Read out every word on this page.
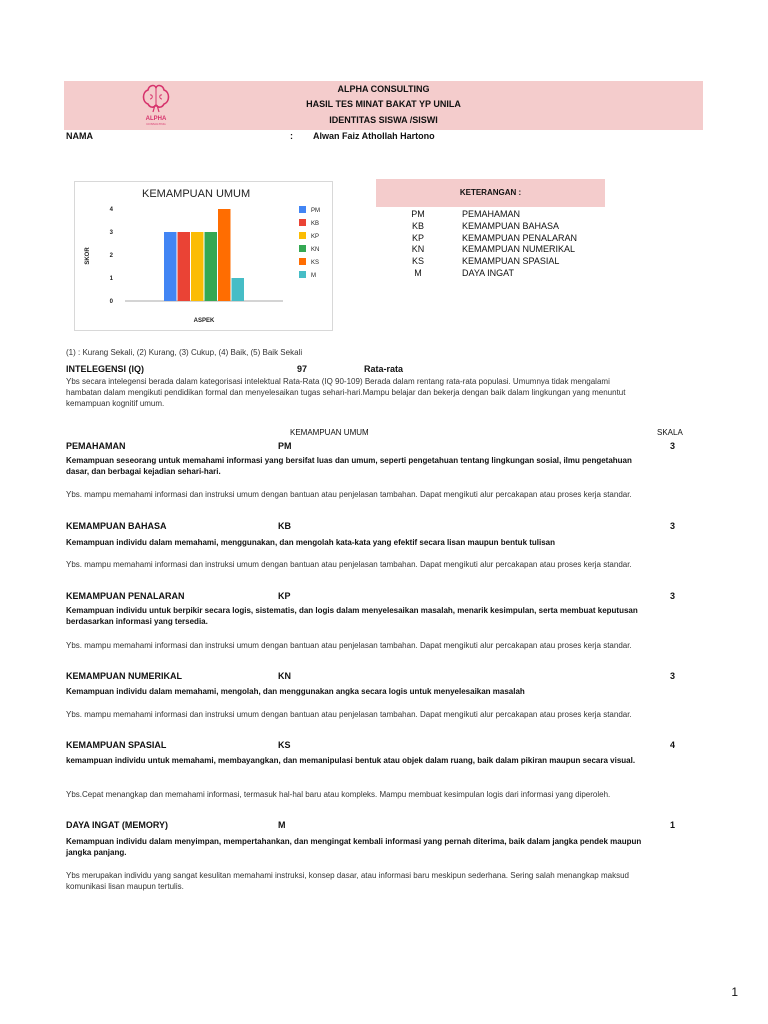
ALPHA CONSULTING
HASIL TES MINAT BAKAT YP UNILA
IDENTITAS SISWA /SISWI
ALPHA
CONSULTING
NAMA	: Alwan Faiz Athollah Hartono
KEMAMPUAN UMUM
0
1
2
3
4
SKOR
ASPEK
PM
KB
KP
KN
KS
M
KETERANGAN :
PM	PEMAHAMAN
KB	KEMAMPUAN BAHASA
KP	KEMAMPUAN PENALARAN
KN	KEMAMPUAN NUMERIKAL
KS	KEMAMPUAN SPASIAL
M	DAYA INGAT
(1) : Kurang Sekali, (2) Kurang, (3) Cukup, (4) Baik, (5) Baik Sekali
INTELEGENSI (IQ)	97	Rata-rata
Ybs secara intelegensi berada dalam kategorisasi intelektual Rata-Rata (IQ 90-109) Berada dalam rentang rata-rata populasi. Umumnya tidak mengalami hambatan dalam mengikuti pendidikan formal dan menyelesaikan tugas sehari-hari.Mampu belajar dan bekerja dengan baik dalam lingkungan yang menuntut kemampuan kognitif umum.
KEMAMPUAN UMUM	SKALA
PEMAHAMAN	PM	3
Kemampuan seseorang untuk memahami informasi yang bersifat luas dan umum, seperti pengetahuan tentang lingkungan sosial, ilmu pengetahuan dasar, dan berbagai kejadian sehari-hari.
Ybs. mampu memahami informasi dan instruksi umum dengan bantuan atau penjelasan tambahan. Dapat mengikuti alur percakapan atau proses kerja standar.
KEMAMPUAN BAHASA	KB	3
Kemampuan individu dalam memahami, menggunakan, dan mengolah kata-kata yang efektif secara lisan maupun bentuk tulisan
Ybs. mampu memahami informasi dan instruksi umum dengan bantuan atau penjelasan tambahan. Dapat mengikuti alur percakapan atau proses kerja standar.
KEMAMPUAN PENALARAN	KP	3
Kemampuan individu untuk berpikir secara logis, sistematis, dan logis dalam menyelesaikan masalah, menarik kesimpulan, serta membuat keputusan berdasarkan informasi yang tersedia.
Ybs. mampu memahami informasi dan instruksi umum dengan bantuan atau penjelasan tambahan. Dapat mengikuti alur percakapan atau proses kerja standar.
KEMAMPUAN NUMERIKAL	KN	3
Kemampuan individu dalam memahami, mengolah, dan menggunakan angka secara logis untuk menyelesaikan masalah
Ybs. mampu memahami informasi dan instruksi umum dengan bantuan atau penjelasan tambahan. Dapat mengikuti alur percakapan atau proses kerja standar.
KEMAMPUAN SPASIAL	KS	4
kemampuan individu untuk memahami, membayangkan, dan memanipulasi bentuk atau objek dalam ruang, baik dalam pikiran maupun secara visual.
Ybs.Cepat menangkap dan memahami informasi, termasuk hal-hal baru atau kompleks. Mampu membuat kesimpulan logis dari informasi yang diperoleh.
DAYA INGAT (MEMORY)	M	1
Kemampuan individu dalam menyimpan, mempertahankan, dan mengingat kembali informasi yang pernah diterima, baik dalam jangka pendek maupun jangka panjang.
Ybs merupakan individu yang sangat kesulitan memahami instruksi, konsep dasar, atau informasi baru meskipun sederhana. Sering salah menangkap maksud komunikasi lisan maupun tertulis.
1
